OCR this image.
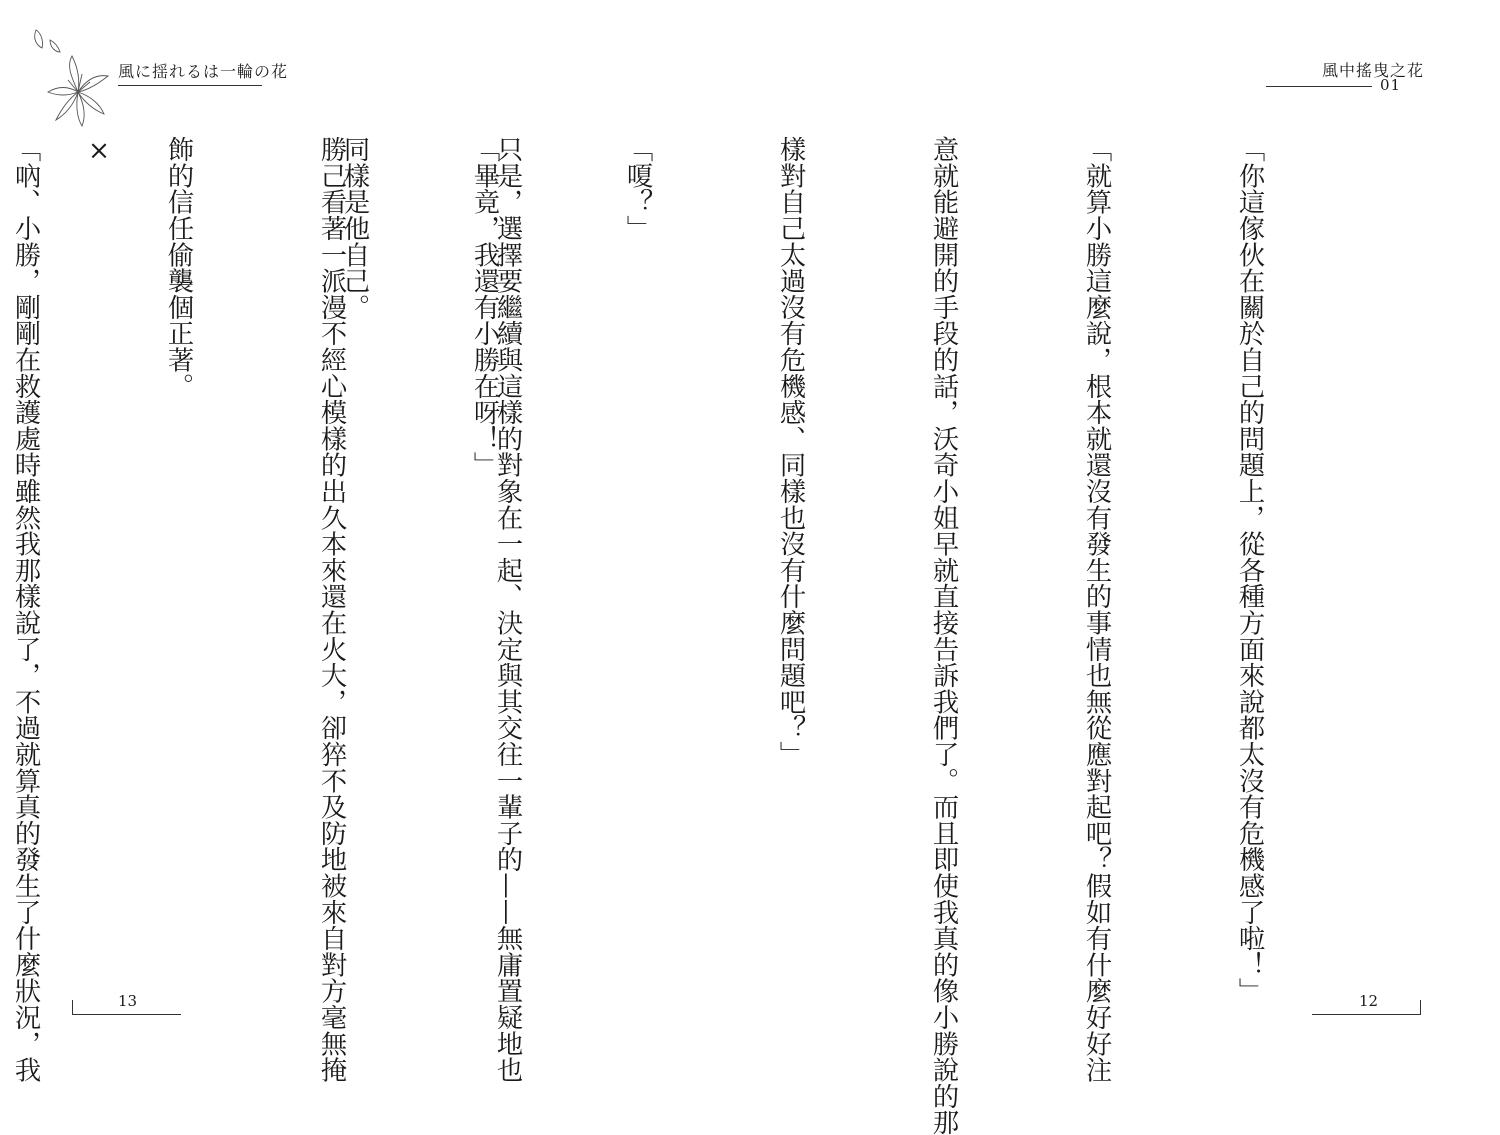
風に揺れるは一輪の花	風中搖曳之花
01

「你這傢伙在關於自己的問題上，從各種方面來說都太沒有危機感了啦！」

「就算小勝這麼說，根本就還沒有發生的事情也無從應對起吧？假如有什麼好好注

意就能避開的手段的話，沃奇小姐早就直接告訴我們了。而且即使我真的像小勝說的那

樣對自己太過沒有危機感、同樣也沒有什麼問題吧？」

「嗄？」

「畢竟，我還有小勝在呀！」

勝己看著一派漫不經心模樣的出久本來還在火大，卻猝不及防地被來自對方毫無掩

飾的信任偷襲個正著。

「吶、小勝，剛剛在救護處時雖然我那樣說了，不過就算真的發生了什麼狀況，我

	只是，選擇要繼續與這樣的對象在一起、決定與其交往一輩子的——無庸置疑地也

同樣是他自己。

×

13	12
